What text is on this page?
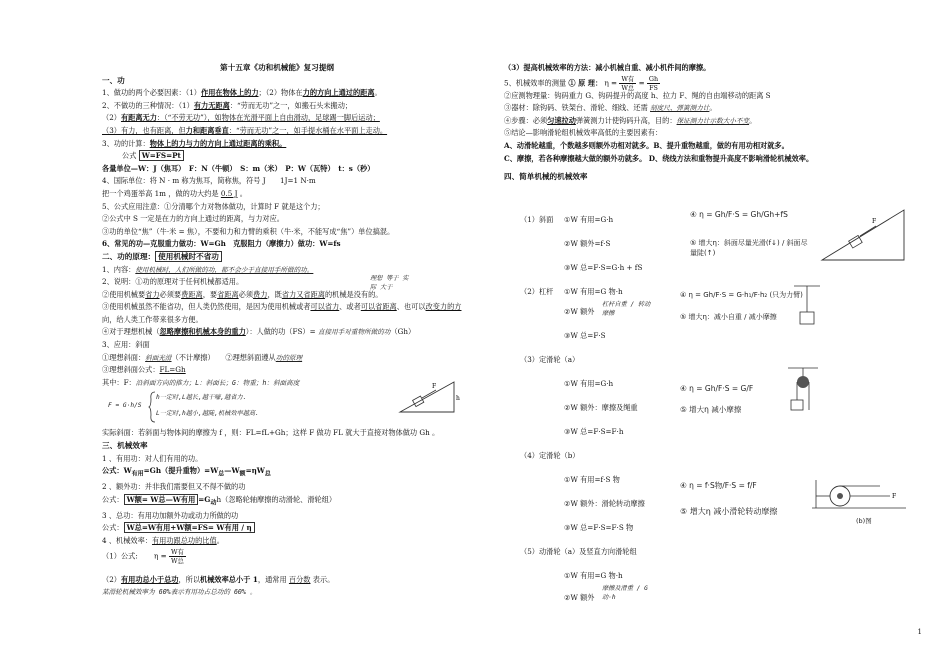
第十五章《功和机械能》复习提纲
一、功
1、做功的两个必要因素：（1）作用在物体上的力；（2）物体在力的方向上通过的距离。
2、不做功的三种情况：（1）有力无距离：“劳而无功”之一，如搬石头未搬动；
（2）有距离无力：（“不劳无功”），如物体在光滑平面上自由滑动，足球踢一脚后运动；
（3）有力，也有距离，但力和距离垂直：“劳而无功”之一，如手提水桶在水平面上走动。
3、功的计算：物体上的力与力的方向上通过距离的乘积。
公式 W=FS=Pt
各量单位—W：J（焦耳）　F：N（牛顿）　S：m（米）　P：W（瓦特）　t：s（秒）
4、国际单位：将 N · m 称为焦耳，简称焦，符号 J　　1J=1 N·m
把一个鸡蛋举高 1m ，做的功大约是 0.5 J 。
5、公式应用注意：①分清哪个力对物体做功，计算时 F 就是这个力；
②公式中 S 一定是在力的方向上通过的距离，与力对应。
③功的单位“焦”（牛·米 = 焦），不要和力和力臂的乘积（牛·米，不能写成“焦”）单位搞混。
6、常见的功—克服重力做功：W=Gh　克服阻力（摩擦力）做功：W=fs
二、功的原理： 使用机械时不省功
1、内容：使用机械时，人们所做的功，都不会少于直接用手所做的功。
2、说明：①功的原理对于任何机械都适用。
②使用机械要省力必须要费距离，要省距离必须费力，既省力又省距离的机械是没有的。
③使用机械虽然不能省功，但人类仍然使用，是因为使用机械或者可以省力、或者可以省距离、也可以改变力的方
向，给人类工作带来很多方便。
④对于理想机械（忽略摩擦和机械本身的重力）：人做的功（FS）= 直接用手对重物所做的功（Gh）
3、应用：斜面
①理想斜面：斜面光滑（不计摩擦）　　②理想斜面遵从功的原理
③理想斜面公式：FL=Gh
其中：F：沿斜面方向的推力；L：斜面长；G：物重；h：斜面高度
F = G·h/S
h一定时,L越长,越干嚎,越省力.
L一定时,h越小,越陡,机械效率越高.
实际斜面：若斜面与物体间的摩擦为 f ，则：FL=fL+Gh；这样 F 做功 FL 就大于直接对物体做功 Gh 。
三、机械效率
1 、有用功：对人们有用的功。
公式：$W_{有用}=Gh$（提升重物）$=W_总—W_额=\eta W_总$
2 、额外功：并非我们需要但又不得不做的功
公式： W额= W总—W有用 $=G_动h$（忽略轮轴摩擦的动滑轮、滑轮组）
3 、总功：有用功加额外功或动力所做的功
公式： W总=W有用+W额=FS= W有用 / η
4 、机械效率：有用功跟总功的比值。
（1）公式: $\eta = \frac{\text{W有}}{\text{W总}}$
（2）有用功总小于总功，所以机械效率总小于 1，通常用 百分数 表示。
某滑轮机械效率为 60%表示有用功占总功的 60% 。
理想 等于 实际 大于
F
h
（3）提高机械效率的方法：减小机械自重、减小机件间的摩擦。
5、机械效率的测量 ① 原 理： $\eta = \frac{\text{W有}}{\text{W总}} = \frac{Gh}{FS}$
②应测物理量：钩码重力 G、钩码提升的高度 h、拉力 F、绳的自由端移动的距离 S
③器材：除钩码、铁架台、滑轮、细线、还需 刻度尺、弹簧测力计。
④步骤：必须匀速拉动弹簧测力计使钩码升高，目的：保证测力计示数大小不变。
⑤结论—影响滑轮组机械效率高低的主要因素有：
A、动滑轮越重，个数越多则额外功相对就多。B、提升重物越重，做的有用功相对就多。
C、摩擦，若各种摩擦越大做的额外功就多。 D、绕线方法和重物提升高度不影响滑轮机械效率。
四、简单机械的机械效率
（1）斜面 ①W 有用=G·h
②W 额外=f·S
③W 总=F·S=G·h + fS
（2）杠杆 ①W 有用=G 物·h
②W 额外
杠杆自重 / 转动摩擦
③W 总=F·S
（3）定滑轮（a）
①W 有用=G·h
②W 额外：摩擦及绳重
③W 总=F·S=F·h
（4）定滑轮（b）
①W 有用=f·S 物
②W 额外：滑轮转动摩擦
③W 总=F·S=F·S 物
（5）动滑轮（a）及竖直方向滑轮组
①W 有用=G 物·h
②W 额外
摩擦及滑重 / G动·h
④ η = Gh/F·S = Gh/Gh+fS
⑤ 增大η：斜面尽量光滑(f↓) / 斜面尽量陡(↑)
④ η = Gh/F·S = G·h₁/F·h₂ (只为力臂)
⑤ 增大η：减小自重 / 减小摩擦
④ η = Gh/F·S = G/F
⑤ 增大η 减小摩擦
④ η = f·S物/F·S = f/F
⑤ 增大η 减小滑轮转动摩擦
F
F
(b)图
1
